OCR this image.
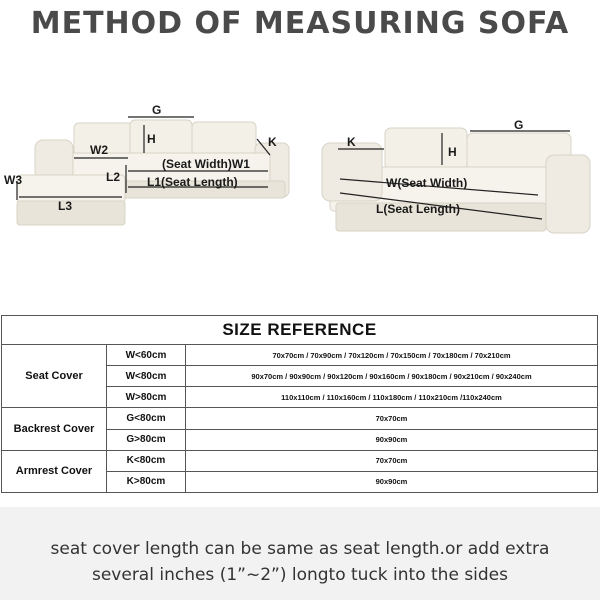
METHOD OF MEASURING SOFA
G
H	K
W2
(Seat Width)W1
L2 L1(Seat Length)
W3
L3
K
G
H
W(Seat Width)
L(Seat Length)
SIZE REFERENCE		
Seat Cover	W<60cm	70x70cm / 70x90cm / 70x120cm / 70x150cm / 70x180cm / 70x210cm
	W<80cm	90x70cm / 90x90cm / 90x120cm / 90x160cm / 90x180cm / 90x210cm / 90x240cm
	W>80cm	110x110cm / 110x160cm / 110x180cm / 110x210cm /110x240cm
Backrest Cover	G<80cm	70x70cm
	G>80cm	90x90cm
Armrest Cover	K<80cm	70x70cm
	K>80cm	90x90cm

seat cover length can be same as seat length.or add extra

several inches (1”~2”) longto tuck into the sides
